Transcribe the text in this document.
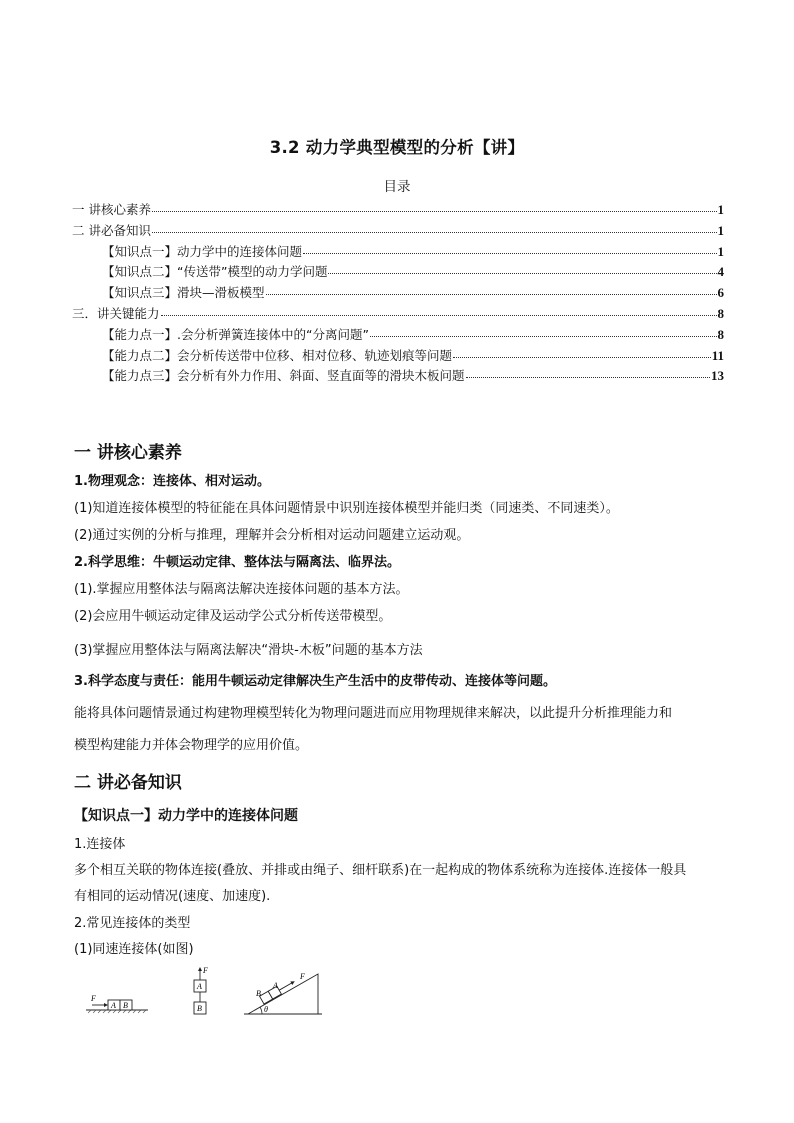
3.2 动力学典型模型的分析【讲】
目录
一 讲核心素养	1
二 讲必备知识	1
【知识点一】动力学中的连接体问题	1
【知识点二】“传送带”模型的动力学问题	4
【知识点三】滑块—滑板模型	6
三．讲关键能力	8
【能力点一】.会分析弹簧连接体中的“分离问题”	8
【能力点二】会分析传送带中位移、相对位移、轨迹划痕等问题	11
【能力点三】会分析有外力作用、斜面、竖直面等的滑块木板问题	13
一 讲核心素养
1.物理观念：连接体、相对运动。
(1)知道连接体模型的特征能在具体问题情景中识别连接体模型并能归类（同速类、不同速类）。
(2)通过实例的分析与推理，理解并会分析相对运动问题建立运动观。
2.科学思维：牛顿运动定律、整体法与隔离法、临界法。
(1).掌握应用整体法与隔离法解决连接体问题的基本方法。
(2)会应用牛顿运动定律及运动学公式分析传送带模型。
(3)掌握应用整体法与隔离法解决“滑块-木板”问题的基本方法
3.科学态度与责任：能用牛顿运动定律解决生产生活中的皮带传动、连接体等问题。
能将具体问题情景通过构建物理模型转化为物理问题进而应用物理规律来解决，以此提升分析推理能力和
模型构建能力并体会物理学的应用价值。
二 讲必备知识
【知识点一】动力学中的连接体问题
1.连接体
多个相互关联的物体连接(叠放、并排或由绳子、细杆联系)在一起构成的物体系统称为连接体.连接体一般具
有相同的运动情况(速度、加速度).
2.常见连接体的类型
(1)同速连接体(如图)
F
A B
F
A
B	θ
B
A
F
